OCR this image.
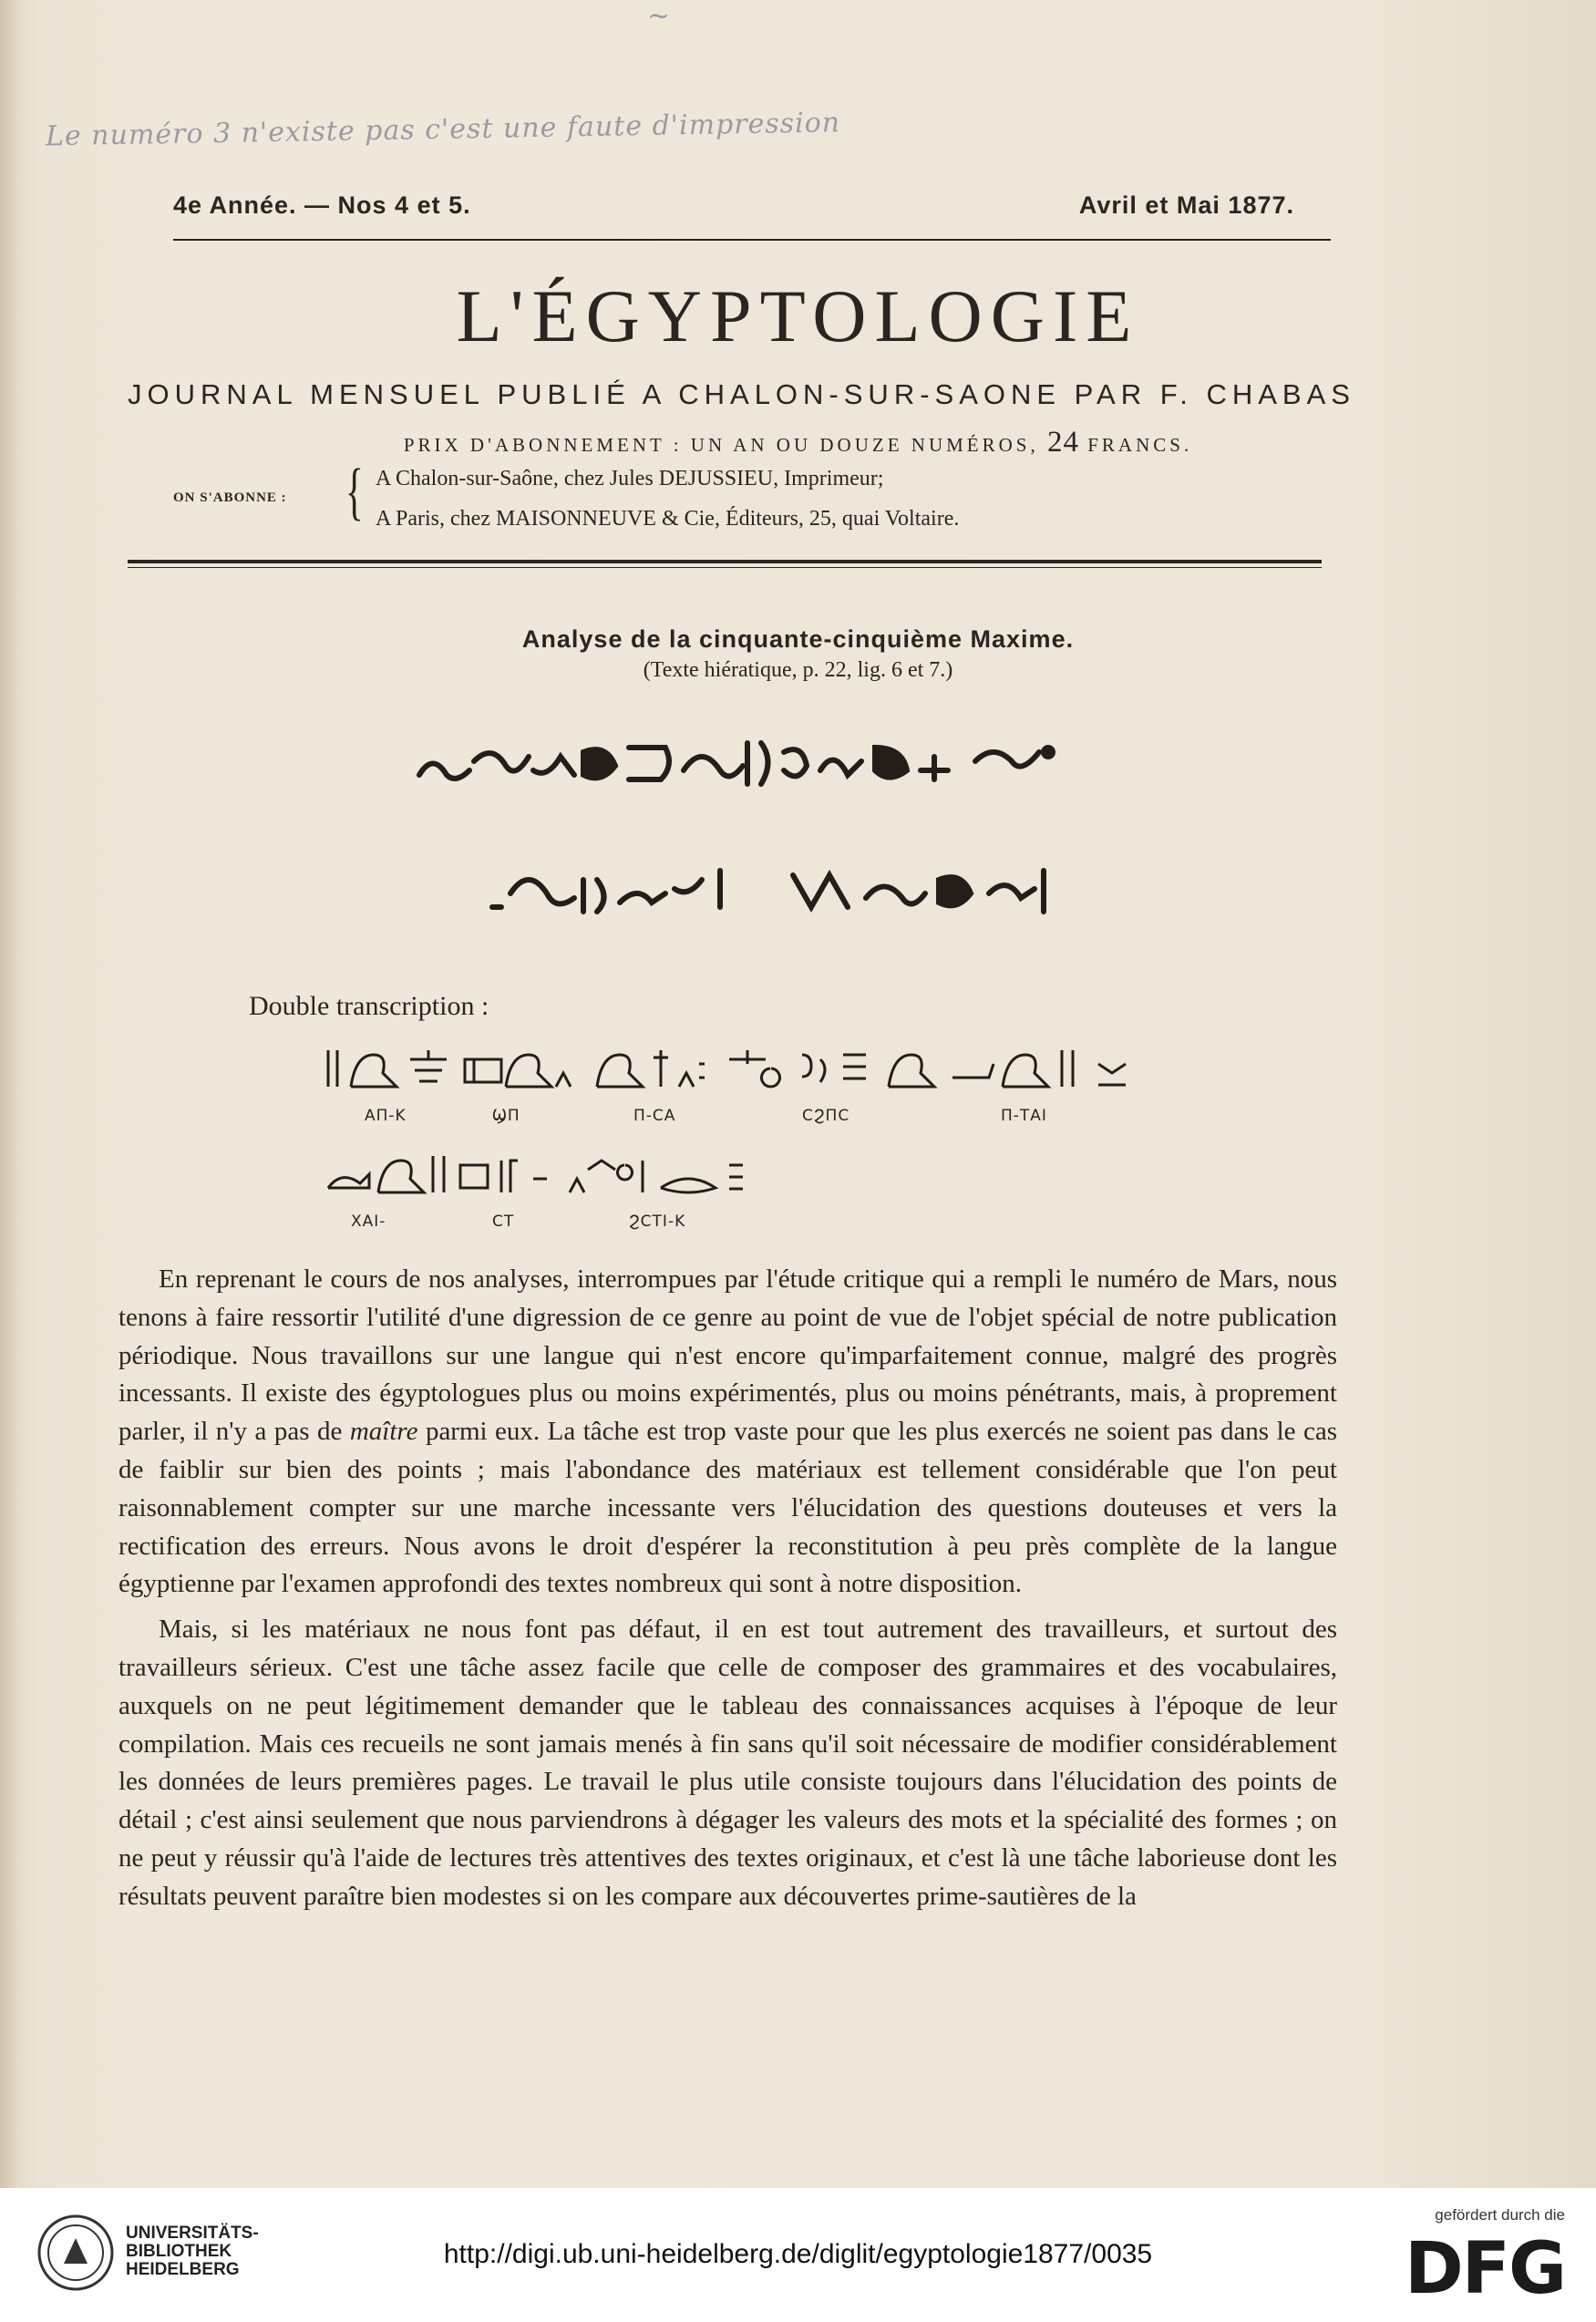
~
Le numéro 3 n'existe pas c'est une faute d'impression
4e Année. — Nos 4 et 5.	Avril et Mai 1877.
L'ÉGYPTOLOGIE
JOURNAL MENSUEL PUBLIÉ A CHALON-SUR-SAONE PAR F. CHABAS
PRIX D'ABONNEMENT : UN AN OU DOUZE NUMÉROS, 24 FRANCS.
ON S'ABONNE : { A Chalon-sur-Saône, chez Jules DEJUSSIEU, Imprimeur;
A Paris, chez MAISONNEUVE & Cie, Éditeurs, 25, quai Voltaire.
Analyse de la cinquante-cinquième Maxime.
(Texte hiératique, p. 22, lig. 6 et 7.)
Double transcription :
ΑΠ-Κ	ϢΠ	Π-CΑ	CϨΠC	Π-ΤΑΙ
ΧΑΙ-	CΤ	ϨCΤΙ-Κ

En reprenant le cours de nos analyses, interrompues par l'étude critique qui a rempli le numéro de Mars, nous tenons à faire ressortir l'utilité d'une digression de ce genre au point de vue de l'objet spécial de notre publication périodique. Nous travaillons sur une langue qui n'est encore qu'imparfaitement connue, malgré des progrès incessants. Il existe des égyptologues plus ou moins expérimentés, plus ou moins pénétrants, mais, à proprement parler, il n'y a pas de maître parmi eux. La tâche est trop vaste pour que les plus exercés ne soient pas dans le cas de faiblir sur bien des points ; mais l'abondance des matériaux est tellement considérable que l'on peut raisonnablement compter sur une marche incessante vers l'élucidation des questions douteuses et vers la rectification des erreurs. Nous avons le droit d'espérer la reconstitution à peu près complète de la langue égyptienne par l'examen approfondi des textes nombreux qui sont à notre disposition.

Mais, si les matériaux ne nous font pas défaut, il en est tout autrement des travailleurs, et surtout des travailleurs sérieux. C'est une tâche assez facile que celle de composer des grammaires et des vocabulaires, auxquels on ne peut légitimement demander que le tableau des connaissances acquises à l'époque de leur compilation. Mais ces recueils ne sont jamais menés à fin sans qu'il soit nécessaire de modifier considérablement les données de leurs premières pages. Le travail le plus utile consiste toujours dans l'élucidation des points de détail ; c'est ainsi seulement que nous parviendrons à dégager les valeurs des mots et la spécialité des formes ; on ne peut y réussir qu'à l'aide de lectures très attentives des textes originaux, et c'est là une tâche laborieuse dont les résultats peuvent paraître bien modestes si on les compare aux découvertes prime-sautières de la

UNIVERSITÄTS-
BIBLIOTHEK
HEIDELBERG
http://digi.ub.uni-heidelberg.de/diglit/egyptologie1877/0035
gefördert durch die
DFG
